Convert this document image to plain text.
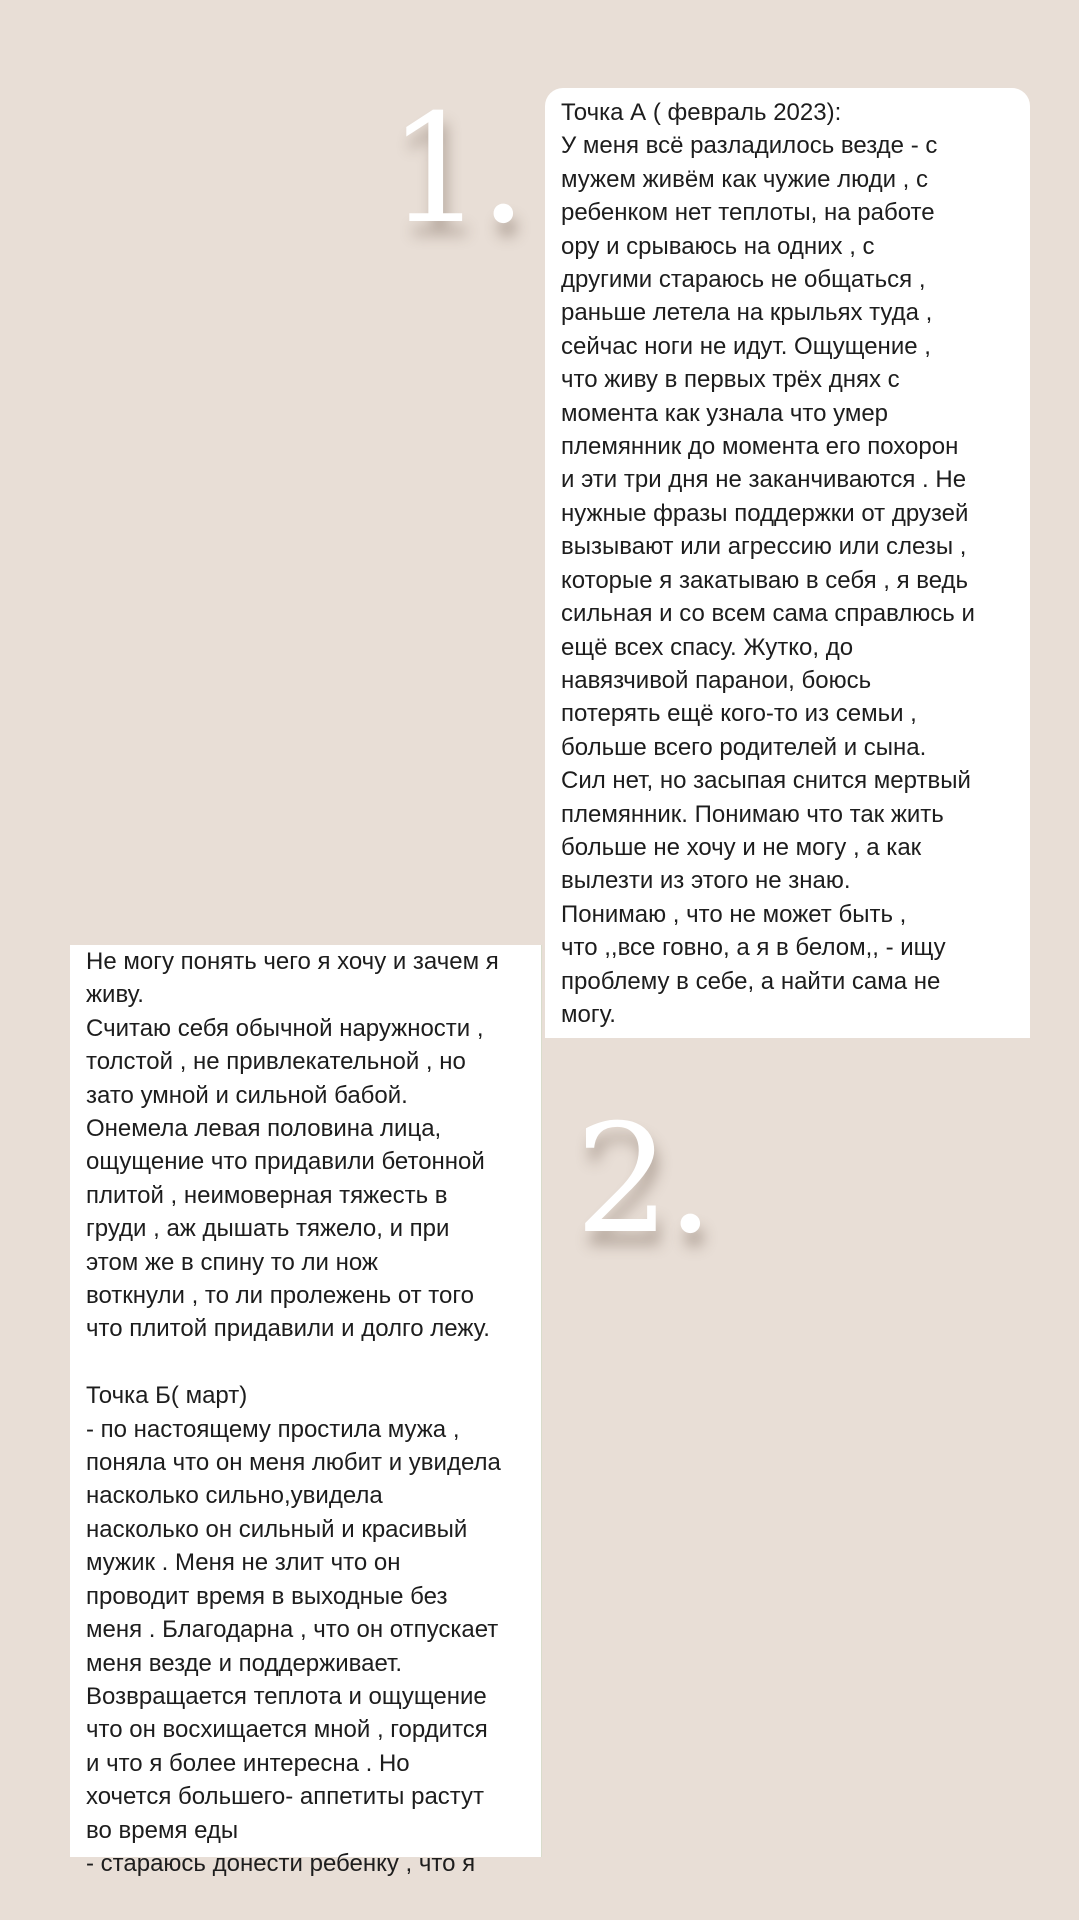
1.
2.
Точка А ( февраль 2023):
У меня всё разладилось везде - с
мужем живём как чужие люди , с
ребенком нет теплоты, на работе
ору и срываюсь на одних , с
другими стараюсь не общаться ,
раньше летела на крыльях туда ,
сейчас ноги не идут. Ощущение ,
что живу в первых трёх днях с
момента как узнала что умер
племянник до момента его похорон
и эти три дня не заканчиваются . Не
нужные фразы поддержки от друзей
вызывают или агрессию или слезы ,
которые я закатываю в себя , я ведь
сильная и со всем сама справлюсь и
ещё всех спасу. Жутко, до
навязчивой паранои, боюсь
потерять ещё кого-то из семьи ,
больше всего родителей и сына.
Сил нет, но засыпая снится мертвый
племянник. Понимаю что так жить
больше не хочу и не могу , а как
вылезти из этого не знаю.
Понимаю , что не может быть ,
что ,,все говно, а я в белом,, - ищу
проблему в себе, а найти сама не
могу.
Не могу понять чего я хочу и зачем я
живу.
Считаю себя обычной наружности ,
толстой , не привлекательной , но
зато умной и сильной бабой.
Онемела левая половина лица,
ощущение что придавили бетонной
плитой , неимоверная тяжесть в
груди , аж дышать тяжело, и при
этом же в спину то ли нож
воткнули , то ли пролежень от того
что плитой придавили и долго лежу.
Точка Б( март)
- по настоящему простила мужа ,
поняла что он меня любит и увидела
насколько сильно,увидела
насколько он сильный и красивый
мужик . Меня не злит что он
проводит время в выходные без
меня . Благодарна , что он отпускает
меня везде и поддерживает.
Возвращается теплота и ощущение
что он восхищается мной , гордится
и что я более интересна . Но
хочется большего- аппетиты растут
во время еды
- стараюсь донести ребенку , что я
